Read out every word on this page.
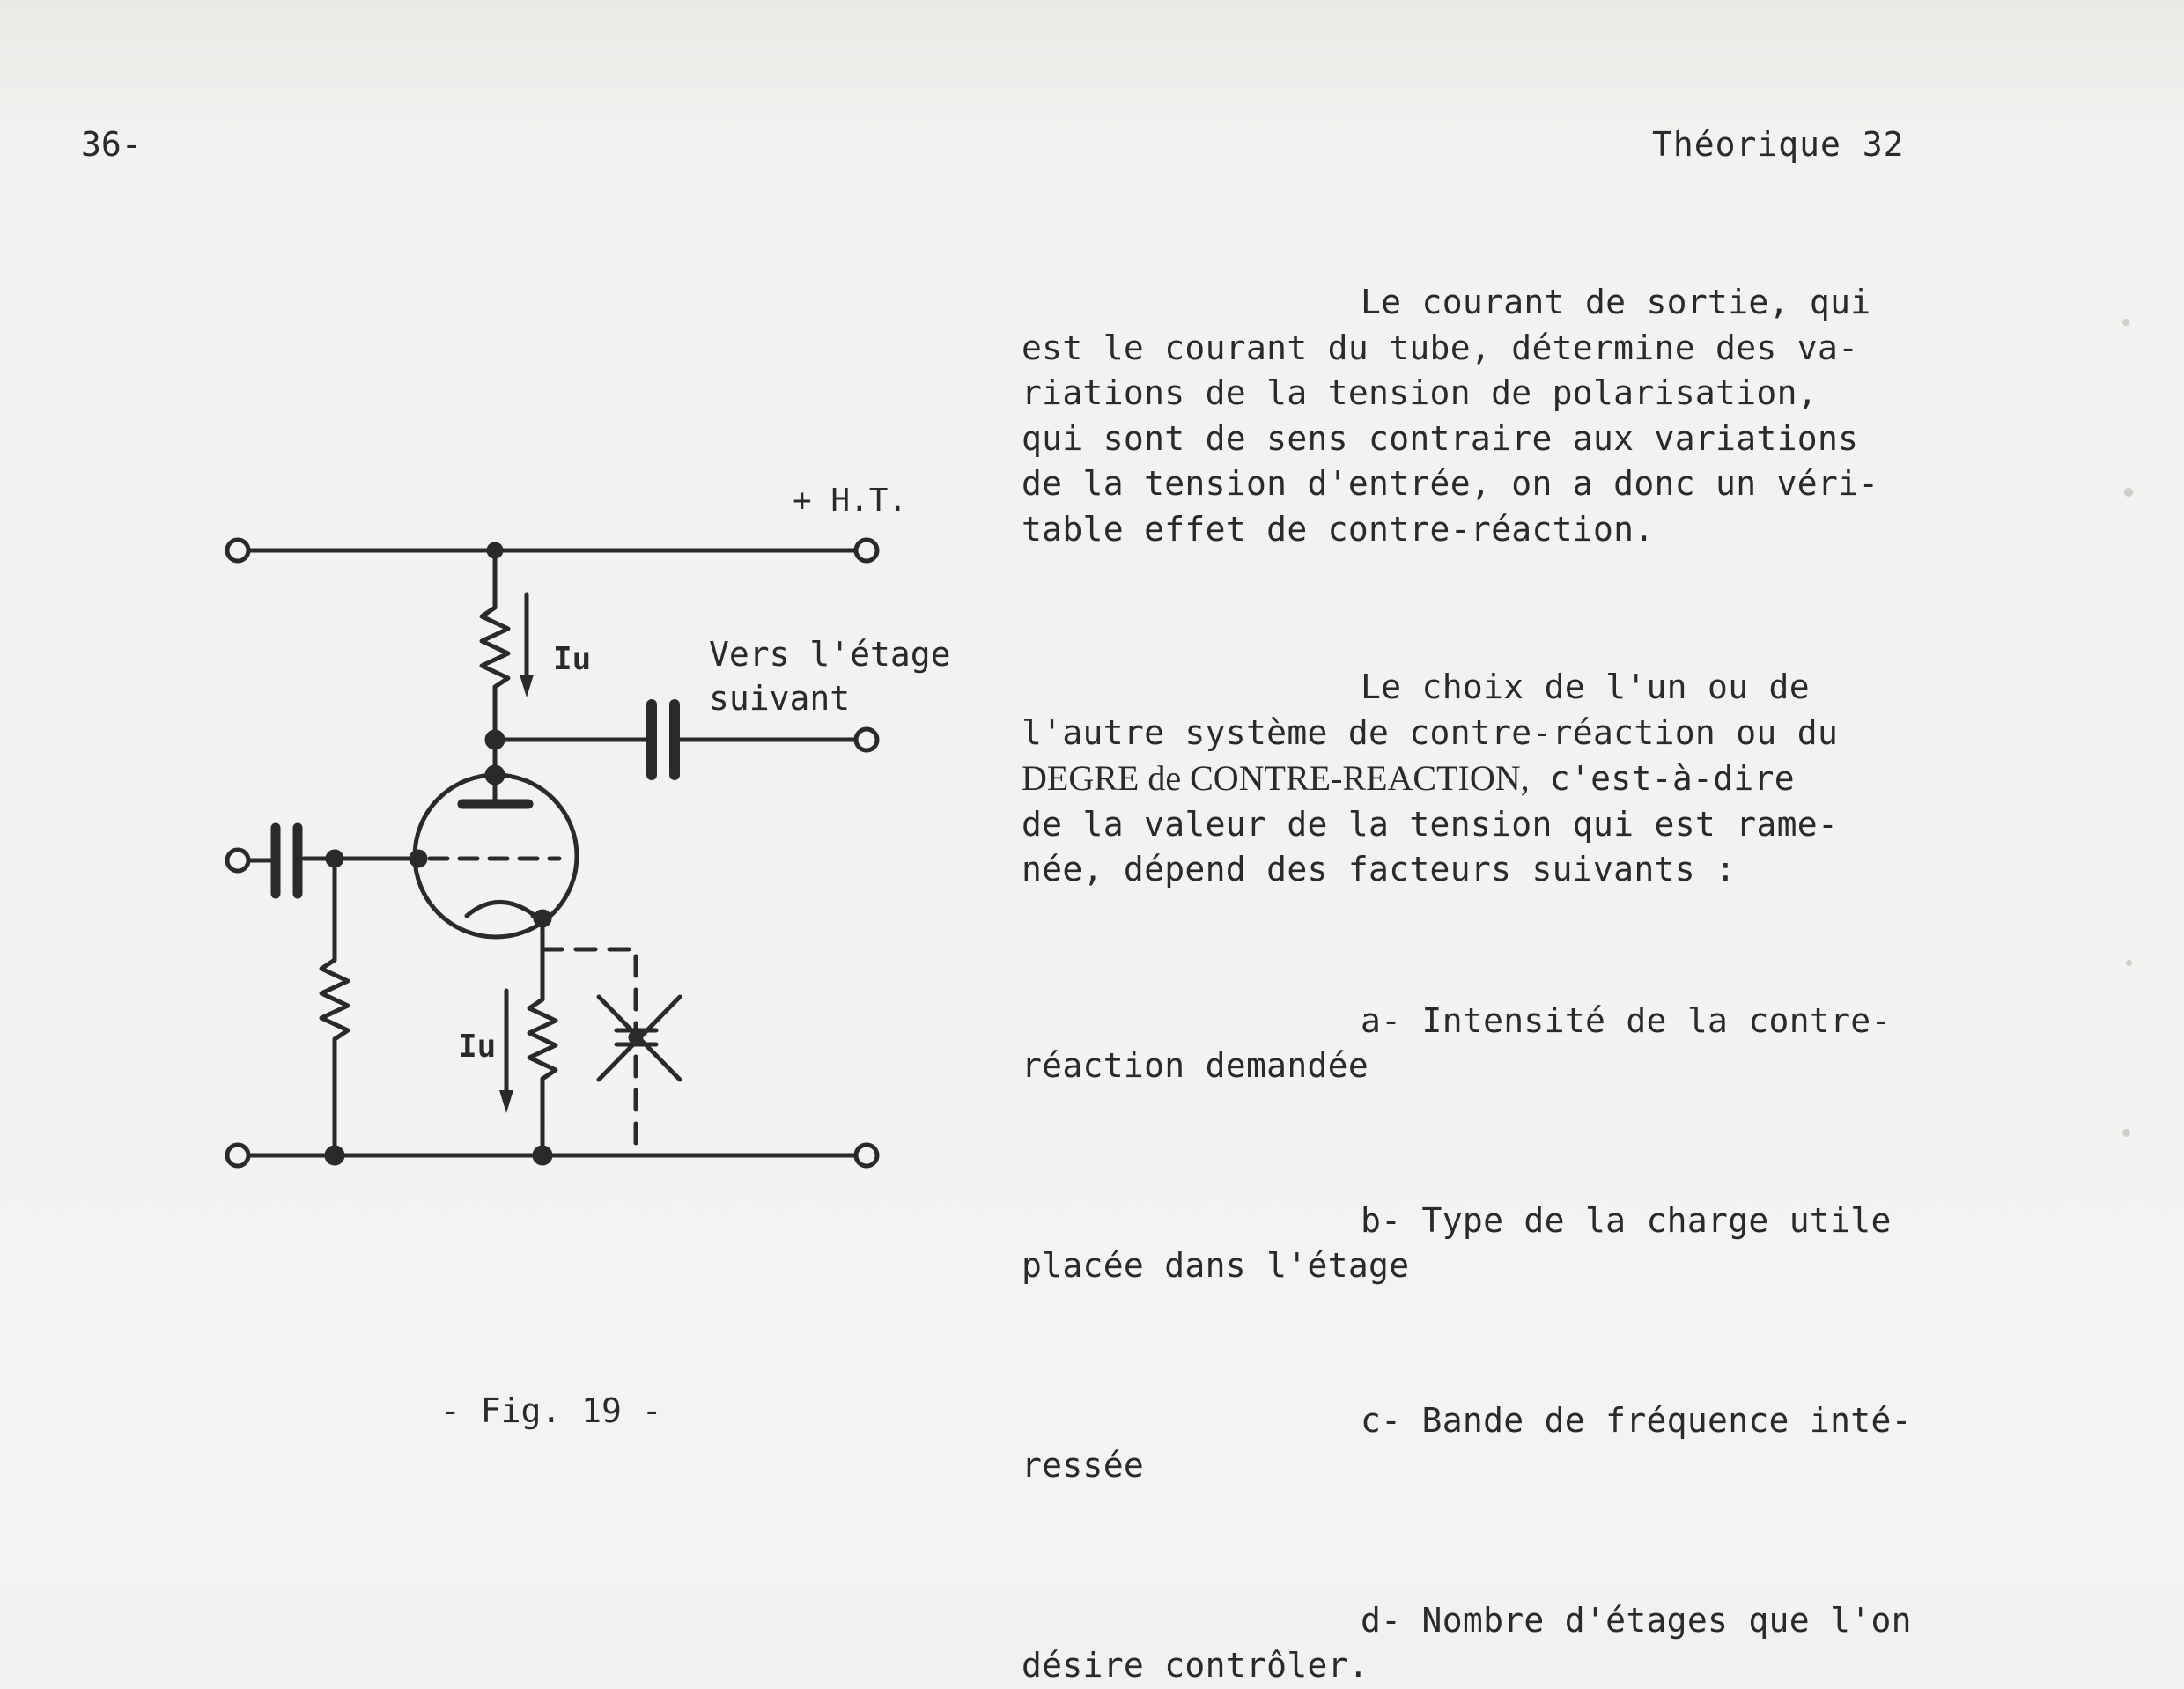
36-	Théorique 32
+ H.T.
Iu
Iu
Vers l'étage
suivant
- Fig. 19 -

Le courant de sortie, qui
est le courant du tube, détermine des va-
riations de la tension de polarisation,
qui sont de sens contraire aux variations
de la tension d'entrée, on a donc un véri-
table effet de contre-réaction.

Le choix de l'un ou de
l'autre système de contre-réaction ou du
DEGRE de CONTRE-REACTION, c'est-à-dire
de la valeur de la tension qui est rame-
née, dépend des facteurs suivants :

a- Intensité de la contre-
réaction demandée

b- Type de la charge utile
placée dans l'étage

c- Bande de fréquence inté-
ressée

d- Nombre d'étages que l'on
désire contrôler.
